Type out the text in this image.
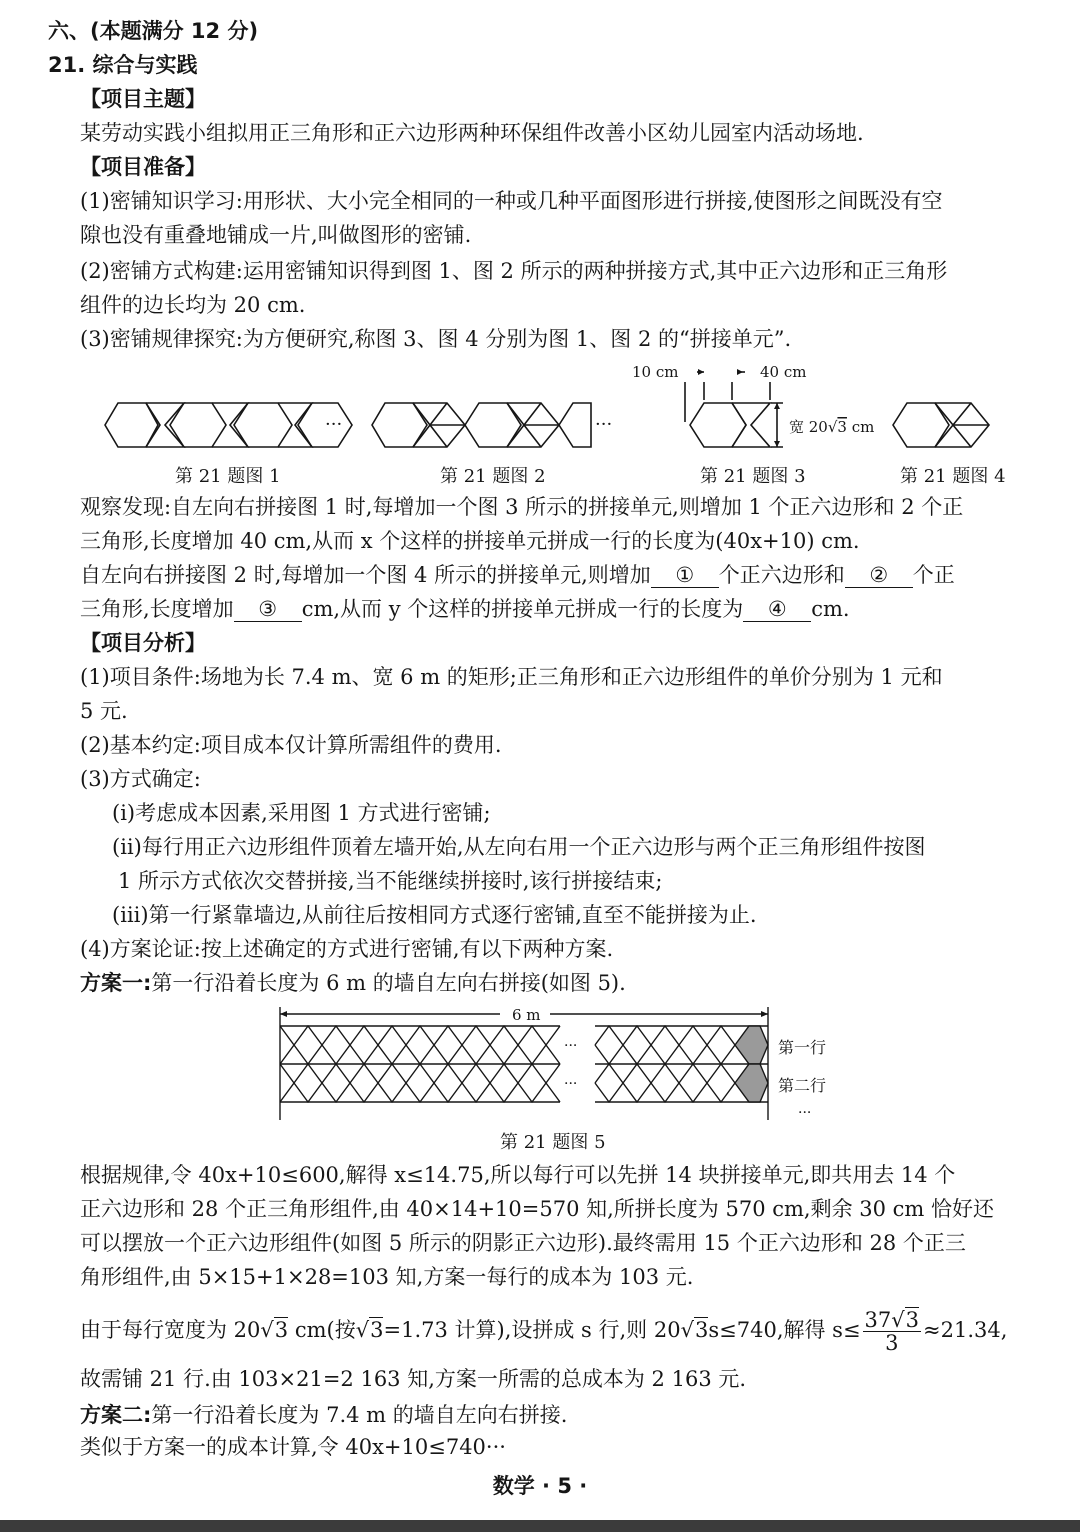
六、(本题满分 12 分)
21. 综合与实践
【项目主题】
某劳动实践小组拟用正三角形和正六边形两种环保组件改善小区幼儿园室内活动场地.
【项目准备】
(1)密铺知识学习:用形状、大小完全相同的一种或几种平面图形进行拼接,使图形之间既没有空
隙也没有重叠地铺成一片,叫做图形的密铺.
(2)密铺方式构建:运用密铺知识得到图 1、图 2 所示的两种拼接方式,其中正六边形和正三角形
组件的边长均为 20 cm.
(3)密铺规律探究:为方便研究,称图 3、图 4 分别为图 1、图 2 的“拼接单元”.
···	···
10 cm	40 cm
宽 20√3 cm
第 21 题图 1	第 21 题图 2	第 21 题图 3	第 21 题图 4
观察发现:自左向右拼接图 1 时,每增加一个图 3 所示的拼接单元,则增加 1 个正六边形和 2 个正
三角形,长度增加 40 cm,从而 x 个这样的拼接单元拼成一行的长度为(40x+10) cm.
自左向右拼接图 2 时,每增加一个图 4 所示的拼接单元,则增加 ① 个正六边形和 ② 个正
三角形,长度增加 ③ cm,从而 y 个这样的拼接单元拼成一行的长度为 ④ cm.
【项目分析】
(1)项目条件:场地为长 7.4 m、宽 6 m 的矩形;正三角形和正六边形组件的单价分别为 1 元和
5 元.
(2)基本约定:项目成本仅计算所需组件的费用.
(3)方式确定:
(ⅰ)考虑成本因素,采用图 1 方式进行密铺;
(ⅱ)每行用正六边形组件顶着左墙开始,从左向右用一个正六边形与两个正三角形组件按图
1 所示方式依次交替拼接,当不能继续拼接时,该行拼接结束;
(ⅲ)第一行紧靠墙边,从前往后按相同方式逐行密铺,直至不能拼接为止.
(4)方案论证:按上述确定的方式进行密铺,有以下两种方案.
方案一:第一行沿着长度为 6 m 的墙自左向右拼接(如图 5).
6 m
···
···
第一行
第二行
···
第 21 题图 5
根据规律,令 40x+10≤600,解得 x≤14.75,所以每行可以先拼 14 块拼接单元,即共用去 14 个
正六边形和 28 个正三角形组件,由 40×14+10=570 知,所拼长度为 570 cm,剩余 30 cm 恰好还
可以摆放一个正六边形组件(如图 5 所示的阴影正六边形).最终需用 15 个正六边形和 28 个正三
角形组件,由 5×15+1×28=103 知,方案一每行的成本为 103 元.
由于每行宽度为 20√3 cm(按√3=1.73 计算),设拼成 s 行,则 20√3s≤740,解得 $s\le \frac{37√3}{3} \approx 21.34$,
故需铺 21 行.由 103×21=2 163 知,方案一所需的总成本为 2 163 元.
方案二:第一行沿着长度为 7.4 m 的墙自左向右拼接.
类似于方案一的成本计算,令 40x+10≤740···
数学 · 5 ·
